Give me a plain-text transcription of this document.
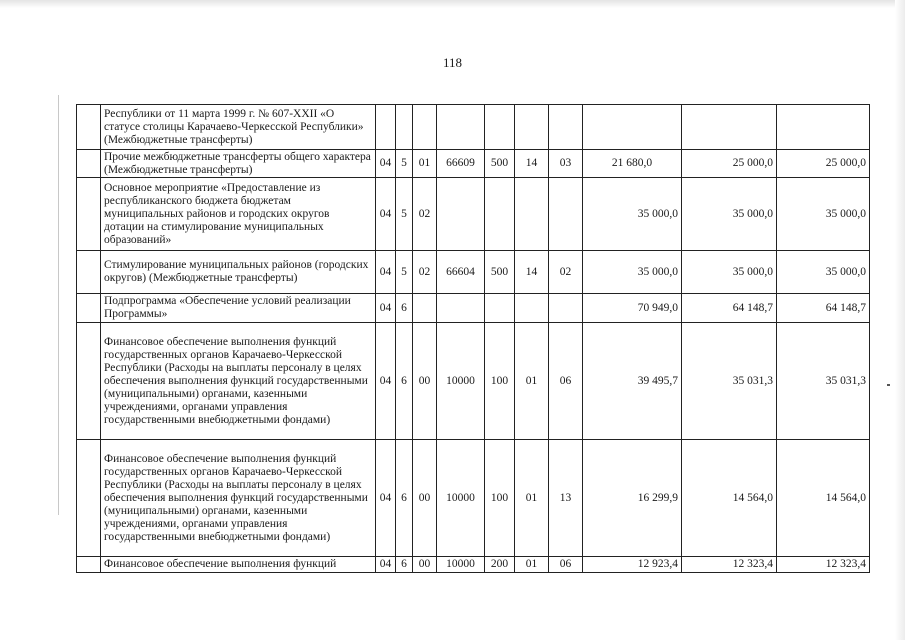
118
	Республики от 11 марта 1999 г. № 607-XXII «О статусе столицы Карачаево-Черкесской Республики» (Межбюджетные трансферты)										
	Прочие межбюджетные трансферты общего характера (Межбюджетные трансферты)	04	5	01	66609	500	14	03	21 680,0	25 000,0	25 000,0
	Основное мероприятие «Предоставление из республиканского бюджета бюджетам муниципальных районов и городских округов дотации на стимулирование муниципальных образований»	04	5	02					35 000,0	35 000,0	35 000,0
	Стимулирование муниципальных районов (городских округов) (Межбюджетные трансферты)	04	5	02	66604	500	14	02	35 000,0	35 000,0	35 000,0
	Подпрограмма «Обеспечение условий реализации Программы»	04	6						70 949,0	64 148,7	64 148,7
	Финансовое обеспечение выполнения функций государственных органов Карачаево-Черкесской Республики (Расходы на выплаты персоналу в целях обеспечения выполнения функций государственными (муниципальными) органами, казенными учреждениями, органами управления государственными внебюджетными фондами)	04	6	00	10000	100	01	06	39 495,7	35 031,3	35 031,3
	Финансовое обеспечение выполнения функций государственных органов Карачаево-Черкесской Республики (Расходы на выплаты персоналу в целях обеспечения выполнения функций государственными (муниципальными) органами, казенными учреждениями, органами управления государственными внебюджетными фондами)	04	6	00	10000	100	01	13	16 299,9	14 564,0	14 564,0
	Финансовое обеспечение выполнения функций	04	6	00	10000	200	01	06	12 923,4	12 323,4	12 323,4
